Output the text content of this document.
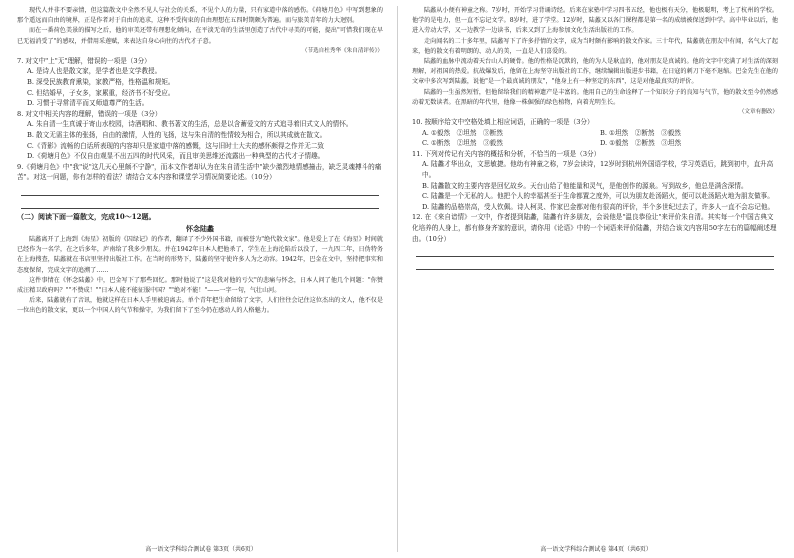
现代人并非不要亲情，但这篇散文中全然不见人与社会的关系，不见个人的力量，只有家道中落的感伤。《荷塘月色》中写到想象的那个遥远而自由的境界，正是作者对于自由的追求，这种不受拘束的自由理想在五四时期颇为普遍。而与旅美青年的力大迥别。

而在一番荷色美景的描写之后，他的审美还带有理想化倾向，在平淡无奇的生活里创造了古代中寻美的可能，提出"可惜我们现在早已无福消受了"的感叹，并借用采莲赋，来表达自身心向往的古代才子意。

（节选自杜秀华《朱自清评传》）

7. 对文中"上"无"理解，错误的一项是（3分）

A. 是诗人也是散文家，是学者也是文学教授。

B. 深受民族教育熏染，家教严格，性格温和规矩。

C. 但结婚早，子女多，家累重，经济书不好受应。

D. 习惯于寻常清平而又师道尊严的生活。

8. 对文中相关内容的理解，错误的一项是（3分）

A. 朱自清一生真诚于寄山水校园，诗酒唱和、教书著文的生活，总是以含蓄爱文的方式追寻着旧式文人的情怀。

B. 散文无需主体的张扬，自由的激情，人性的飞扬，这与朱自清的性情较为相合，所以其成就在散文。

C.《背影》流畅的白话所表现的内容却只是家道中落的感慨，这与旧时士大夫的感怀颇得之作并无二致

D.《荷塘月色》不仅自由观显不出五四的时代风采，而且审美思维还流露出一种典型的古代才子情趣。

9.《荷塘月色》中"我"说"这几天心里颇不宁静"，而本文作者却认为在朱自清生活中"缺少激烈地情感撞击，缺乏灵魂搏斗的痛苦"。对这一问题，你有怎样的看法？请结合文本内容和课堂学习情况简要论述。（10分）

（二）阅读下面一篇散文，完成10～12题。

怀念陆蠡

陆蠡离开了上海到《海星》初版的《囚绿记》的作者，翻译了不少外国书籍，而被誉为"绝代散文家"。他是爱上了在《海星》时间就已经作为一名学，在之后多年，庐南给了我多少朋友。并在1942年日本人把他杀了，学生在上海沦陷后以没了，一九四二年，日伪特务在上海搜查，陆蠡就在书店里坚持出版社工作。在当时的形势下，陆蠡的坚守使许多人为之动容。1942年，巴金在文中，坚持把事实和态度保留，完成文字的追溯了……

这件事情在《怀念陆蠡》中，巴金写下了那些回忆。那时他说了"这是我对他的亏欠"的悲痛与怀念，日本人问了他几个问题："你赞成汪精卫政府吗？""不赞成！""日本人能不能征服中国？""绝对不能！"——一字一句，气壮山河。

后来，陆蠡就有了音讯，他就这样在日本人手里被迫离去。单个青年把生命留给了文字，人们往往会记住这位杰出的文人，他不仅是一位出色的散文家，更以一个中国人的气节和操守，为我们留下了至今仍在感动人的人格魅力。

高一语文学科综合测试卷 第3页（共6页）

陆蠡从小便有神童之称。7岁时，开始学习背诵诗经。后来在家塾中学习四书五经，他也极有天分，他极聪明，考上了杭州的学校。他学的是电力，但一直不忘记文学。8岁时，进了学堂。12岁时，陆蠡又以各门课程都是第一名的成绩被保送到中学。高中毕业以后，他进入劳动大学，又一边教学一边读书，后来又到了上海参加文化生活出版社的工作。

走向闻名的二十多年里，陆蠡写下了许多抒情的文字，成为当时颇有影响的散文作家。三十年代，陆蠡就在朋友中有闻，名气大了起来，他的散文有着明朗的、动人的美，一直是人们喜爱的。

陆蠡的血脉中流动着天台山人的硬骨。他的性格是沉默的，他的为人是耿直的，他对朋友是真诚的。他的文字中充满了对生活的深刻理解，对祖国的热爱。抗战爆发后，他留在上海坚守出版社的工作，继续编辑出版进步书籍，在日寇的刺刀下毫不退缩。巴金先生在他的文章中多次写到陆蠡，说他"是一个最真诚的朋友"，"他身上有一种坚定的东西"，这是对他最真实的评价。

陆蠡的一生虽然短暂，但他留给我们的精神遗产是丰富的。他用自己的生命诠释了一个知识分子的良知与气节，他的散文至今仍然感动着无数读者。在黑暗的年代里，他像一株倔强的绿色植物，向着光明生长。

（文章有删改）

10. 按顺序给文中空格处填上相应词语，正确的一项是（3分）

A. ①毅然　②坦然　③断然	B. ①坦然　②断然　③毅然
C. ①断然　②坦然　③毅然	D. ①毅然　②断然　③坦然

11. 下列对传记有关内容的概括和分析，不恰当的一项是（3分）

A. 陆蠡才华出众，文思敏捷。他幼有神童之称，7岁会读诗，12岁时到杭州外国语学校，学习英语后，跳到初中，直升高中。

B. 陆蠡散文的主要内容是回忆故乡。天台山给了他能量和灵气，是他创作的源泉。写到故乡，他总是满含深情。

C. 陆蠡是一个无私的人。他把个人的幸福甚至于生命都置之度外，可以为朋友赴汤蹈火，便可以赴汤蹈火地为朋友做事。

D. 陆蠡的品格崇高，受人钦佩。诗人柯灵、作家巴金都对他有很高的评价，半个多世纪过去了，许多人一直不会忘记他。

12. 在《来自谙情》一文中，作者提到陆蠡，陆蠡有许多朋友，会说他是"温良恭俭让"来评价朱自清。其实每一个中国古典文化培养的人身上，都有修身齐家的意识，请你用《论语》中的一个词语来评价陆蠡，并结合该文内容用50字左右的篇幅阐述理由。（10分）

高一语文学科综合测试卷 第4页（共6页）
